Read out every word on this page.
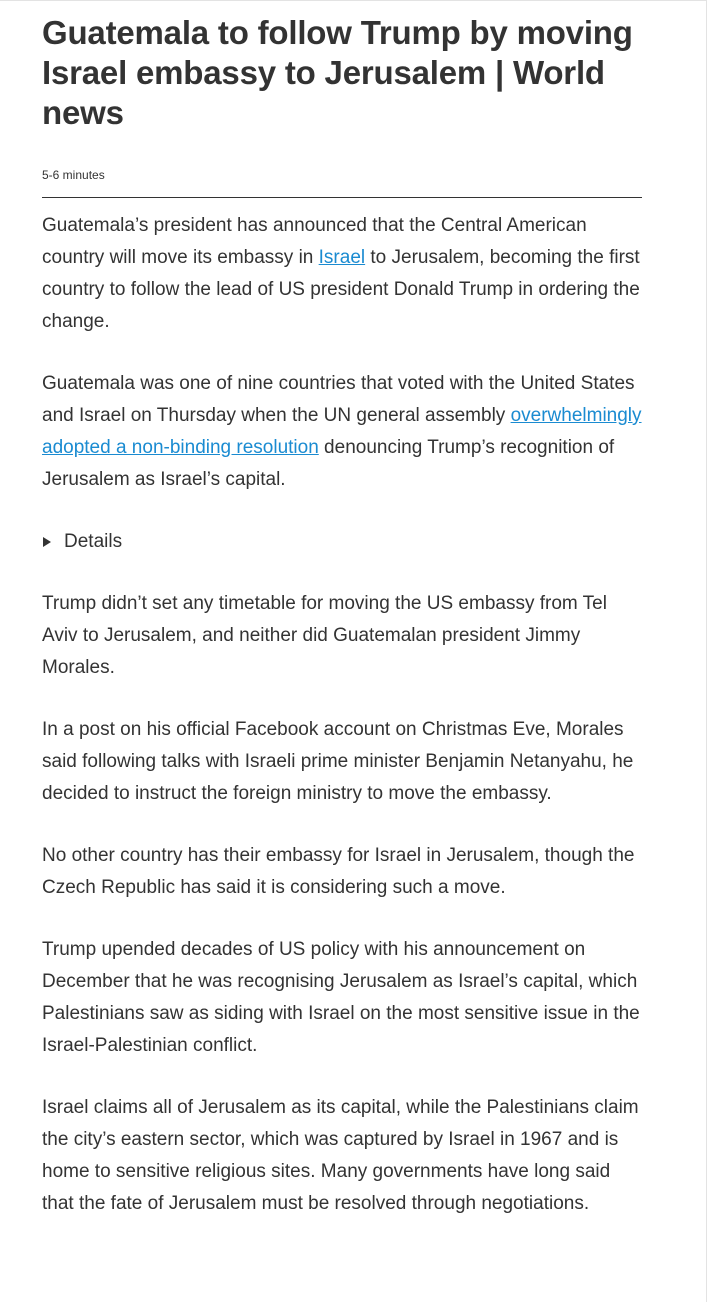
Guatemala to follow Trump by moving Israel embassy to Jerusalem | World news
5-6 minutes

Guatemala’s president has announced that the Central American country will move its embassy in Israel to Jerusalem, becoming the first country to follow the lead of US president Donald Trump in ordering the change.

Guatemala was one of nine countries that voted with the United States and Israel on Thursday when the UN general assembly overwhelmingly adopted a non-binding resolution denouncing Trump’s recognition of Jerusalem as Israel’s capital.

Details

Trump didn’t set any timetable for moving the US embassy from Tel Aviv to Jerusalem, and neither did Guatemalan president Jimmy Morales.

In a post on his official Facebook account on Christmas Eve, Morales said following talks with Israeli prime minister Benjamin Netanyahu, he decided to instruct the foreign ministry to move the embassy.

No other country has their embassy for Israel in Jerusalem, though the Czech Republic has said it is considering such a move.

Trump upended decades of US policy with his announcement on December that he was recognising Jerusalem as Israel’s capital, which Palestinians saw as siding with Israel on the most sensitive issue in the Israel-Palestinian conflict.

Israel claims all of Jerusalem as its capital, while the Palestinians claim the city’s eastern sector, which was captured by Israel in 1967 and is home to sensitive religious sites. Many governments have long said that the fate of Jerusalem must be resolved through negotiations.
